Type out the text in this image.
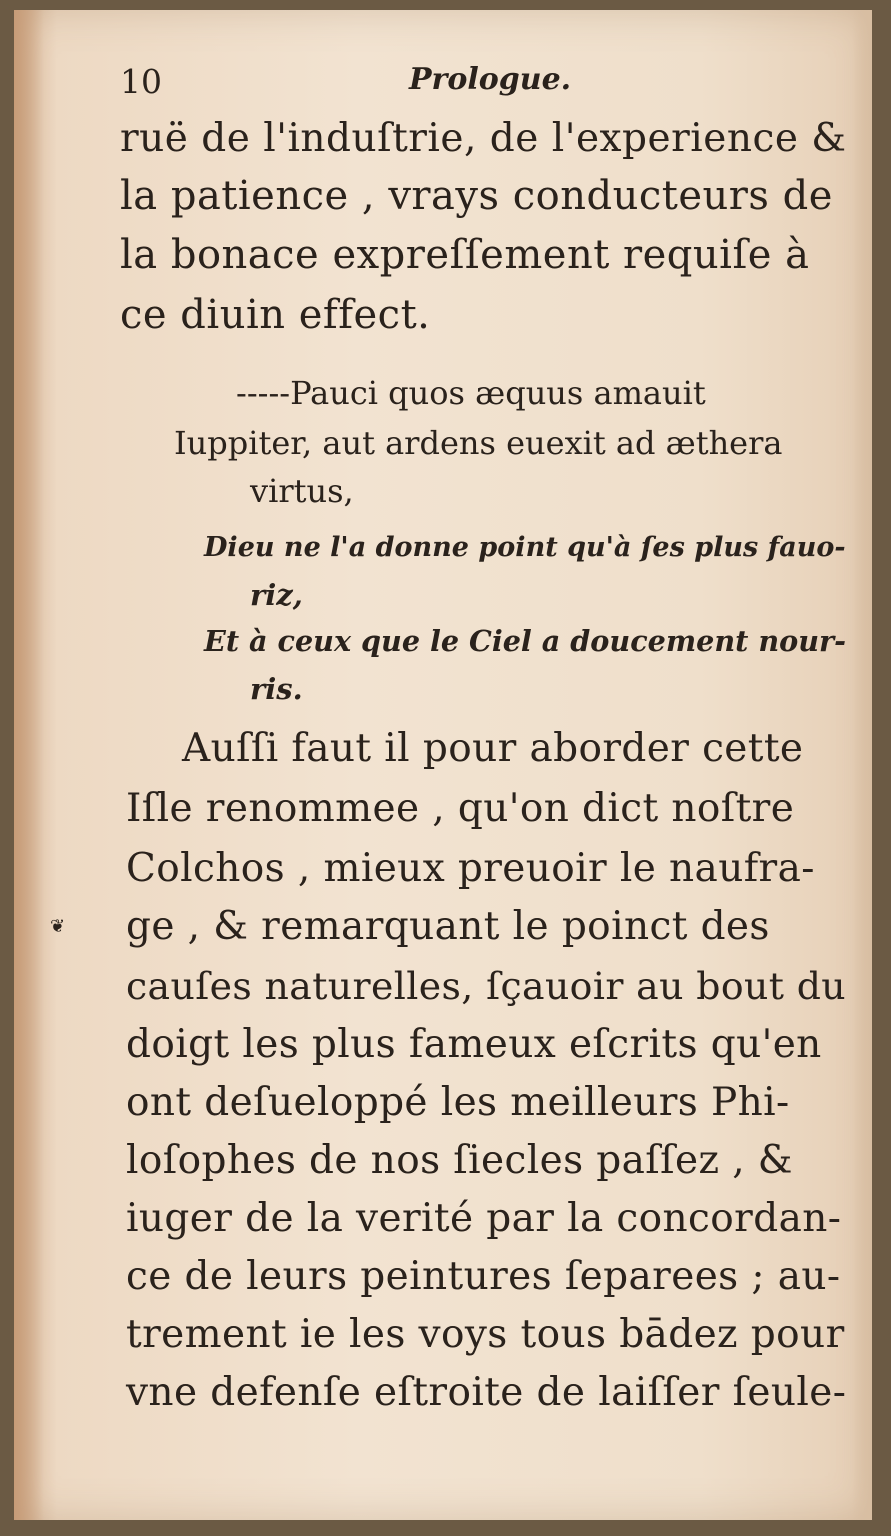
10	Prologue.
ruë de l'induſtrie, de l'experience &
la patience , vrays conducteurs de
la bonace expreſſement requiſe à
ce diuin effect.
-----Pauci quos æquus amauit
Iuppiter, aut ardens euexit ad æthera
virtus,
Dieu ne l'a donne point qu'à ſes plus fauo-
riz,
Et à ceux que le Ciel a doucement nour-
ris.
Auſſi faut il pour aborder cette
Iſle renommee , qu'on dict noſtre
Colchos , mieux preuoir le naufra-
ge , & remarquant le poinct des
cauſes naturelles, ſçauoir au bout du
doigt les plus fameux eſcrits qu'en
ont deſueloppé les meilleurs Phi-
loſophes de nos ſiecles paſſez , &
iuger de la verité par la concordan-
ce de leurs peintures ſeparees ; au-
trement ie les voys tous bādez pour
vne defenſe eſtroite de laiſſer ſeule-
❦
